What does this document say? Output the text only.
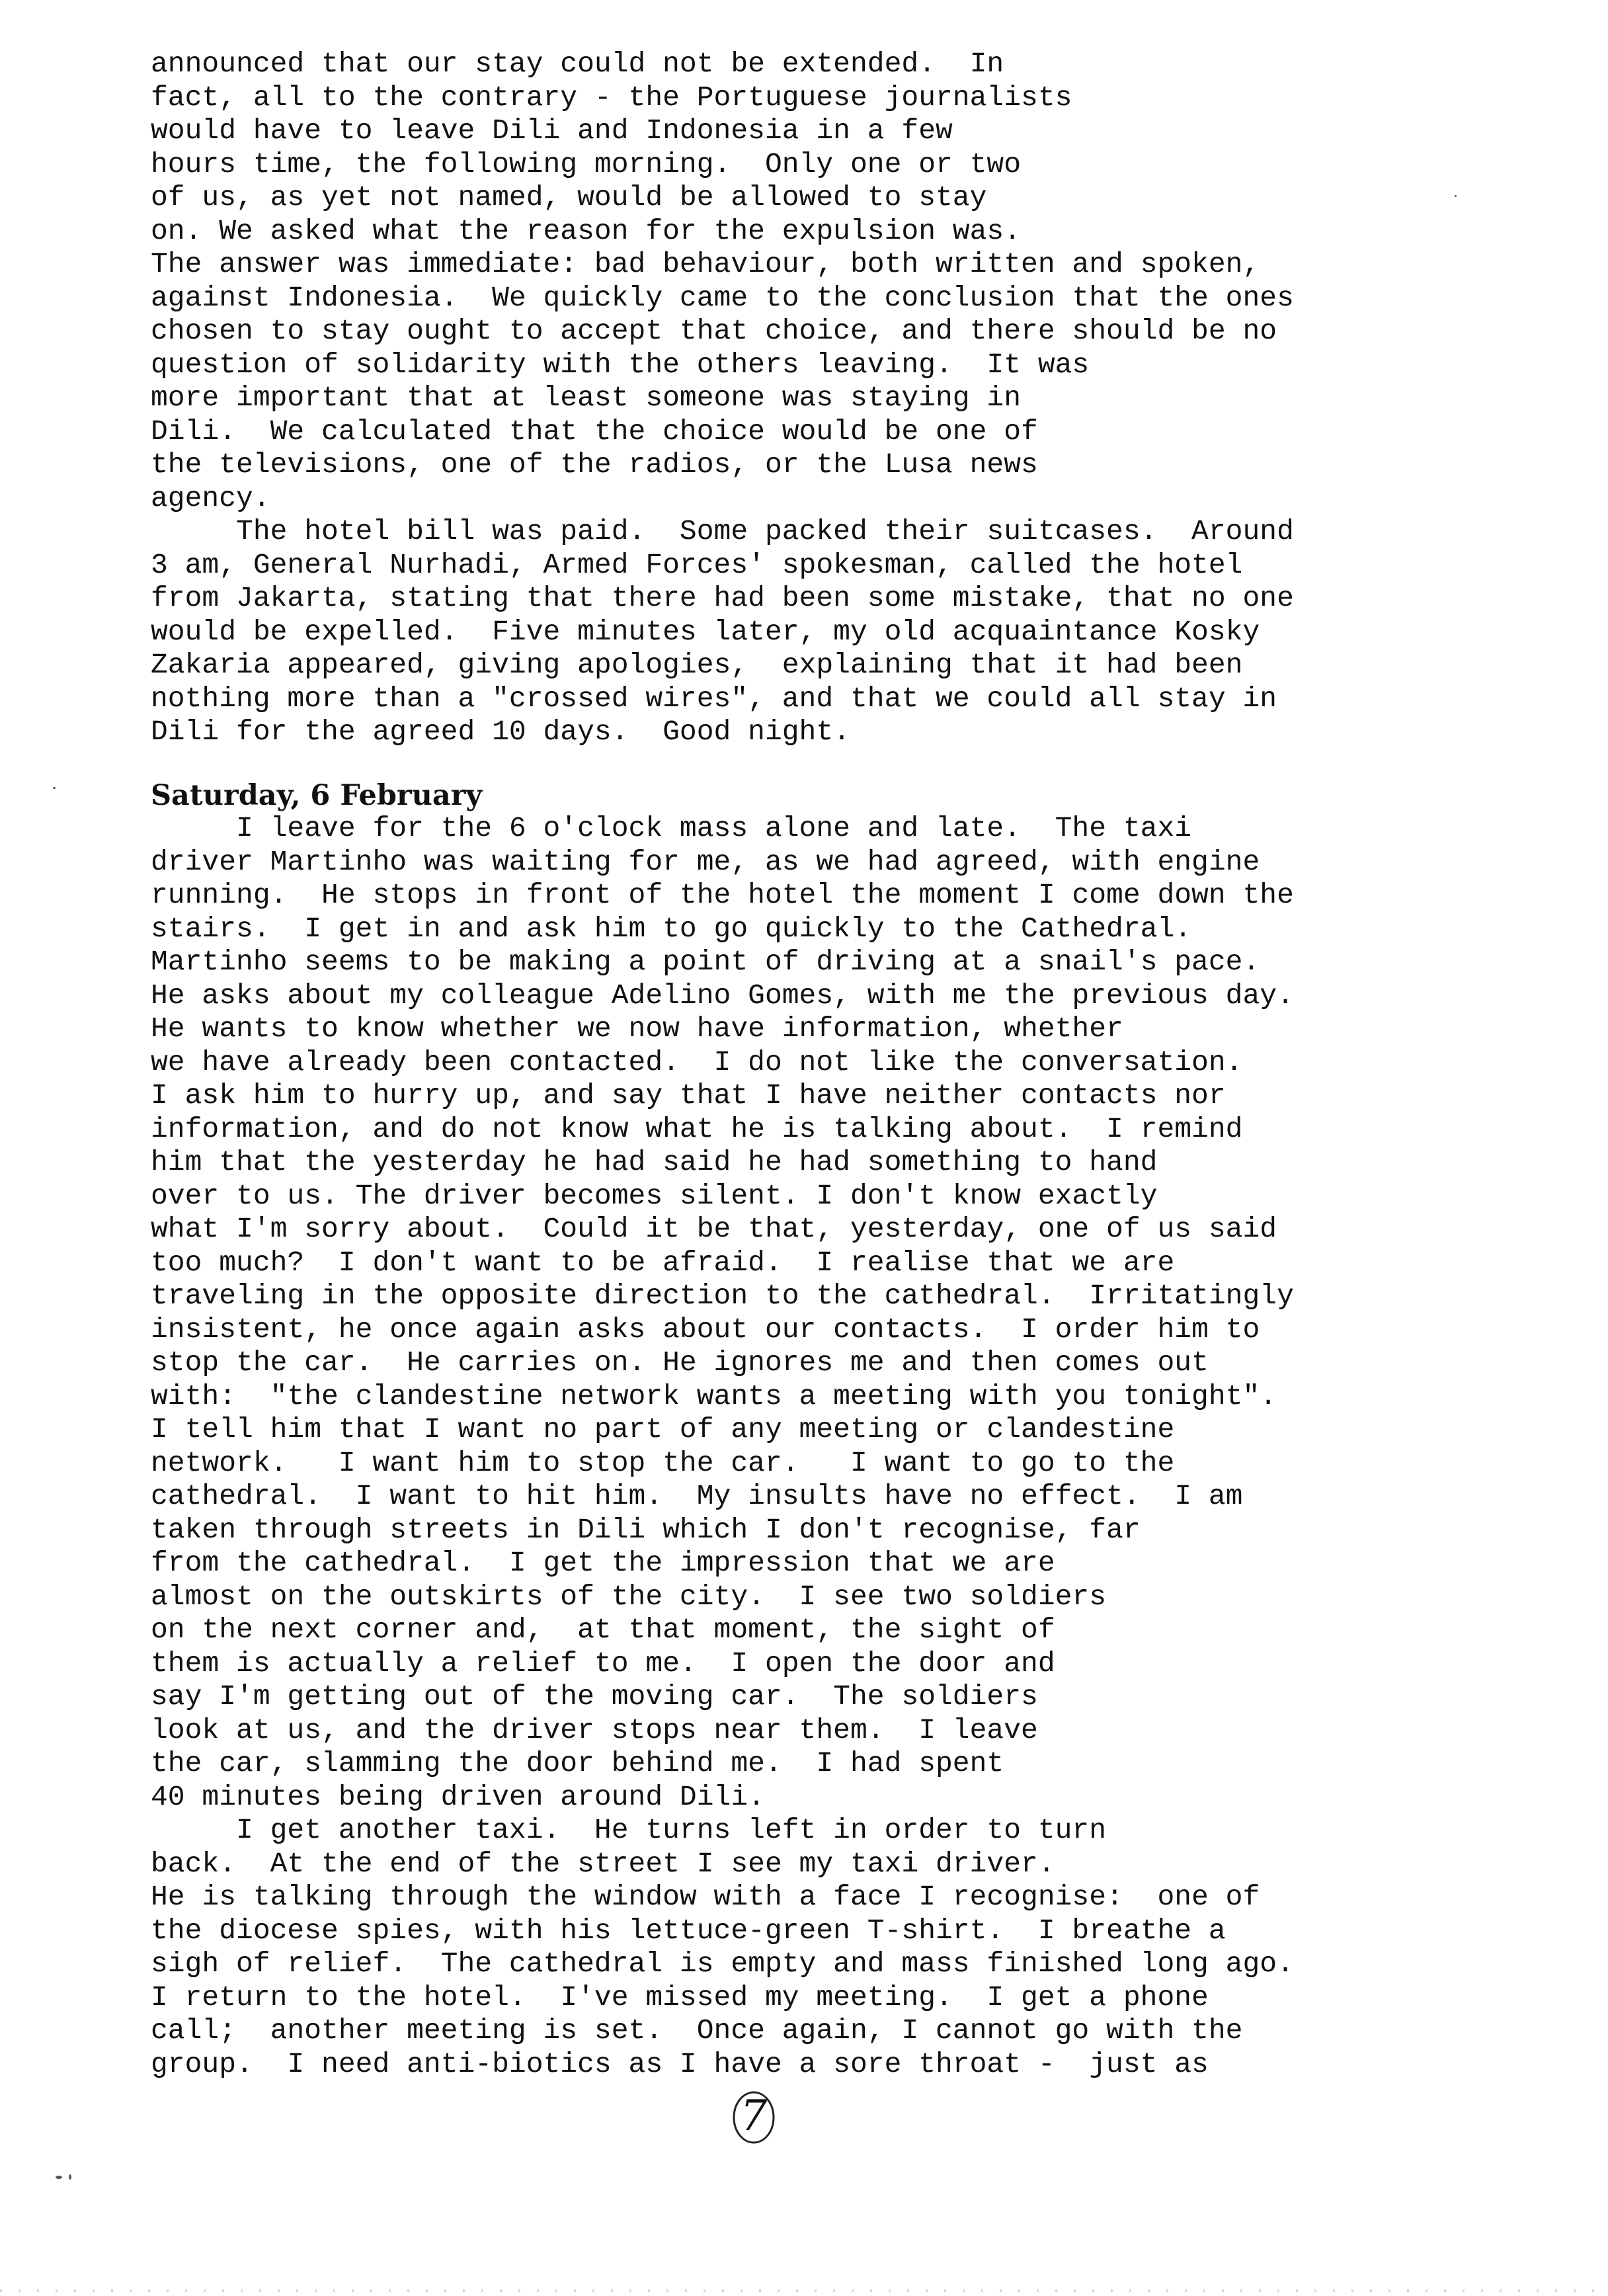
announced that our stay could not be extended.  In
fact, all to the contrary - the Portuguese journalists
would have to leave Dili and Indonesia in a few
hours time, the following morning.  Only one or two
of us, as yet not named, would be allowed to stay
on. We asked what the reason for the expulsion was.
The answer was immediate: bad behaviour, both written and spoken,
against Indonesia.  We quickly came to the conclusion that the ones
chosen to stay ought to accept that choice, and there should be no
question of solidarity with the others leaving.  It was
more important that at least someone was staying in
Dili.  We calculated that the choice would be one of
the televisions, one of the radios, or the Lusa news
agency.
The hotel bill was paid.  Some packed their suitcases.  Around
3 am, General Nurhadi, Armed Forces' spokesman, called the hotel
from Jakarta, stating that there had been some mistake, that no one
would be expelled.  Five minutes later, my old acquaintance Kosky
Zakaria appeared, giving apologies,  explaining that it had been
nothing more than a "crossed wires", and that we could all stay in
Dili for the agreed 10 days.  Good night.
Saturday, 6 February
I leave for the 6 o'clock mass alone and late.  The taxi
driver Martinho was waiting for me, as we had agreed, with engine
running.  He stops in front of the hotel the moment I come down the
stairs.  I get in and ask him to go quickly to the Cathedral.
Martinho seems to be making a point of driving at a snail's pace.
He asks about my colleague Adelino Gomes, with me the previous day.
He wants to know whether we now have information, whether
we have already been contacted.  I do not like the conversation.
I ask him to hurry up, and say that I have neither contacts nor
information, and do not know what he is talking about.  I remind
him that the yesterday he had said he had something to hand
over to us. The driver becomes silent. I don't know exactly
what I'm sorry about.  Could it be that, yesterday, one of us said
too much?  I don't want to be afraid.  I realise that we are
traveling in the opposite direction to the cathedral.  Irritatingly
insistent, he once again asks about our contacts.  I order him to
stop the car.  He carries on. He ignores me and then comes out
with:  "the clandestine network wants a meeting with you tonight".
I tell him that I want no part of any meeting or clandestine
network.   I want him to stop the car.   I want to go to the
cathedral.  I want to hit him.  My insults have no effect.  I am
taken through streets in Dili which I don't recognise, far
from the cathedral.  I get the impression that we are
almost on the outskirts of the city.  I see two soldiers
on the next corner and,  at that moment, the sight of
them is actually a relief to me.  I open the door and
say I'm getting out of the moving car.  The soldiers
look at us, and the driver stops near them.  I leave
the car, slamming the door behind me.  I had spent
40 minutes being driven around Dili.
I get another taxi.  He turns left in order to turn
back.  At the end of the street I see my taxi driver.
He is talking through the window with a face I recognise:  one of
the diocese spies, with his lettuce-green T-shirt.  I breathe a
sigh of relief.  The cathedral is empty and mass finished long ago.
I return to the hotel.  I've missed my meeting.  I get a phone
call;  another meeting is set.  Once again, I cannot go with the
group.  I need anti-biotics as I have a sore throat -  just as
7
